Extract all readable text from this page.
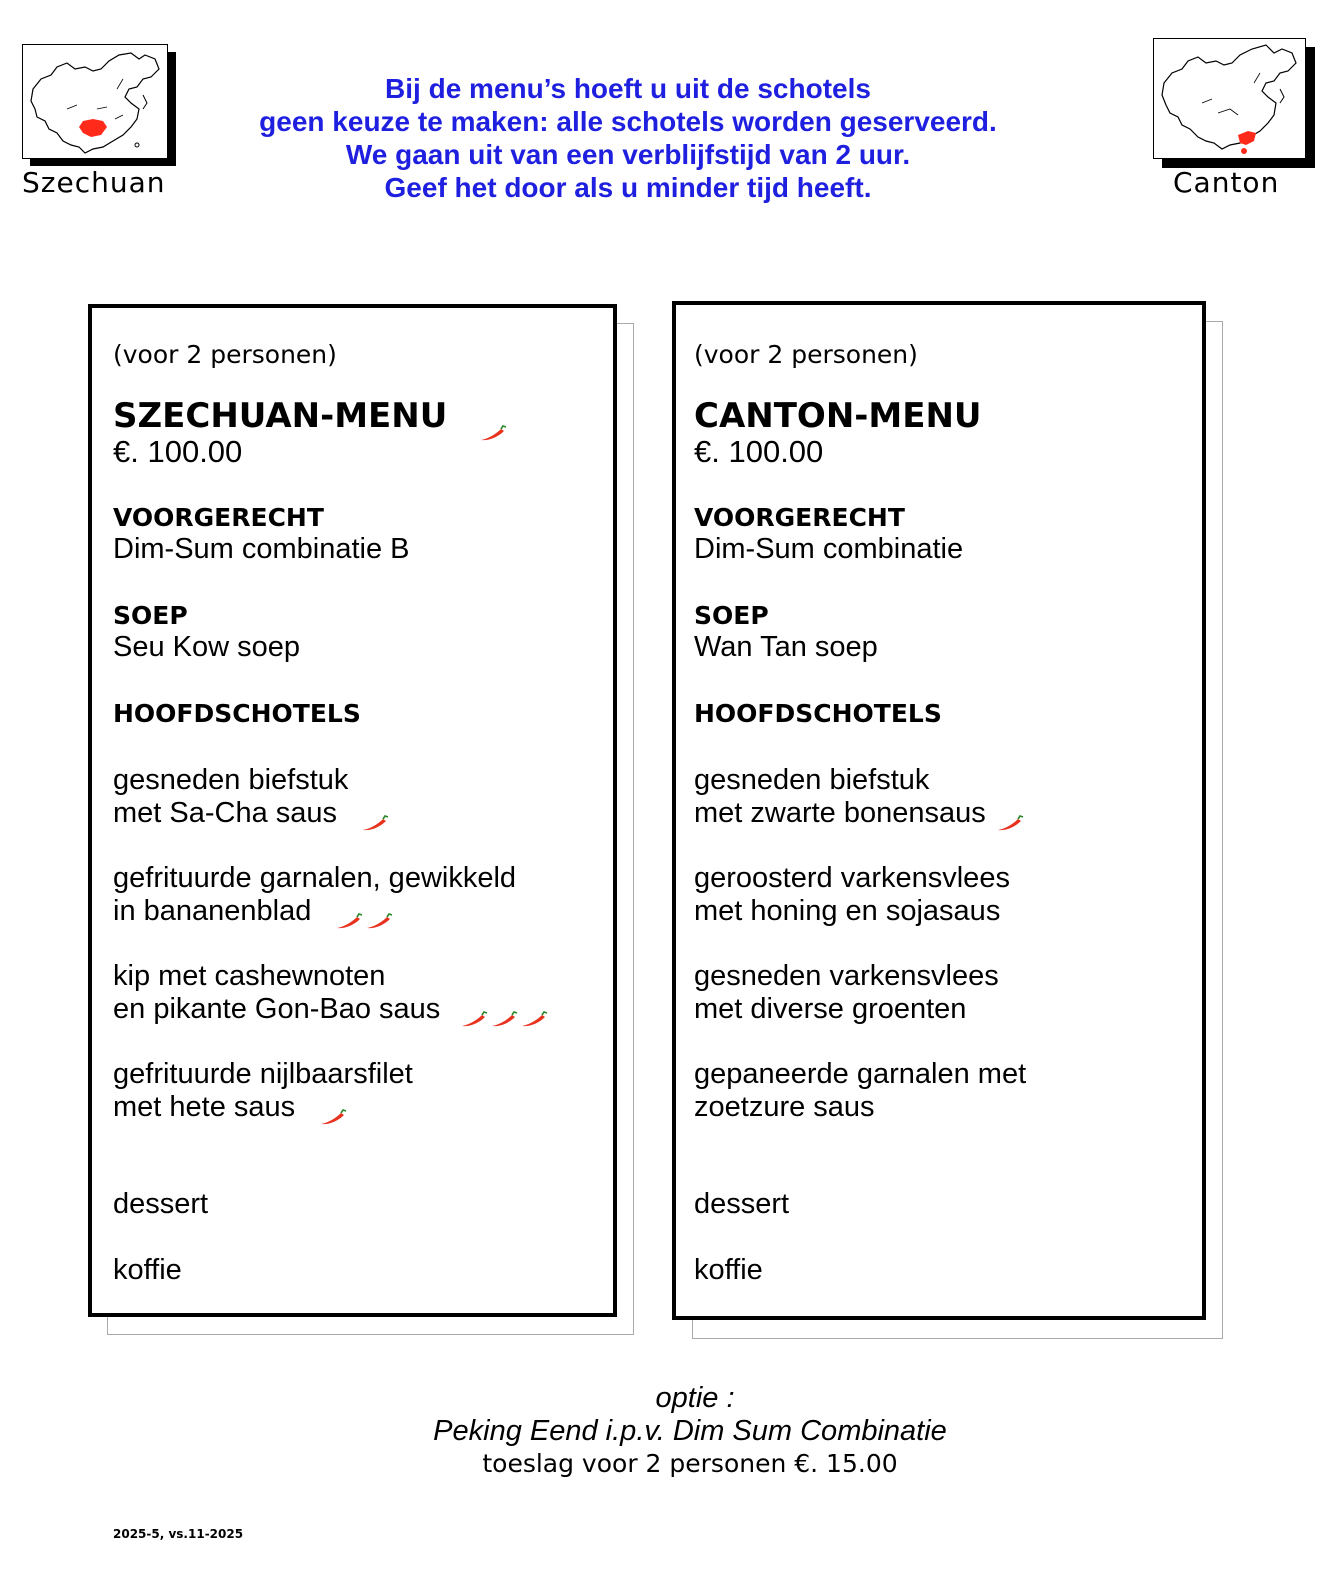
Szechuan	Canton
Bij de menu’s hoeft u uit de schotels
geen keuze te maken: alle schotels worden geserveerd.
We gaan uit van een verblijfstijd van 2 uur.
Geef het door als u minder tijd heeft.
(voor 2 personen)
SZECHUAN-MENU
€. 100.00
VOORGERECHT
Dim-Sum combinatie B
SOEP
Seu Kow soep
HOOFDSCHOTELS
gesneden biefstuk
met Sa-Cha saus
gefrituurde garnalen, gewikkeld
in bananenblad
kip met cashewnoten
en pikante Gon-Bao saus
gefrituurde nijlbaarsfilet
met hete saus
dessert
koffie
(voor 2 personen)
CANTON-MENU
€. 100.00
VOORGERECHT
Dim-Sum combinatie
SOEP
Wan Tan soep
HOOFDSCHOTELS
gesneden biefstuk
met zwarte bonensaus
geroosterd varkensvlees
met honing en sojasaus
gesneden varkensvlees
met diverse groenten
gepaneerde garnalen met
zoetzure saus
dessert
koffie
optie :
Peking Eend i.p.v. Dim Sum Combinatie
toeslag voor 2 personen €. 15.00
2025-5, vs.11-2025
